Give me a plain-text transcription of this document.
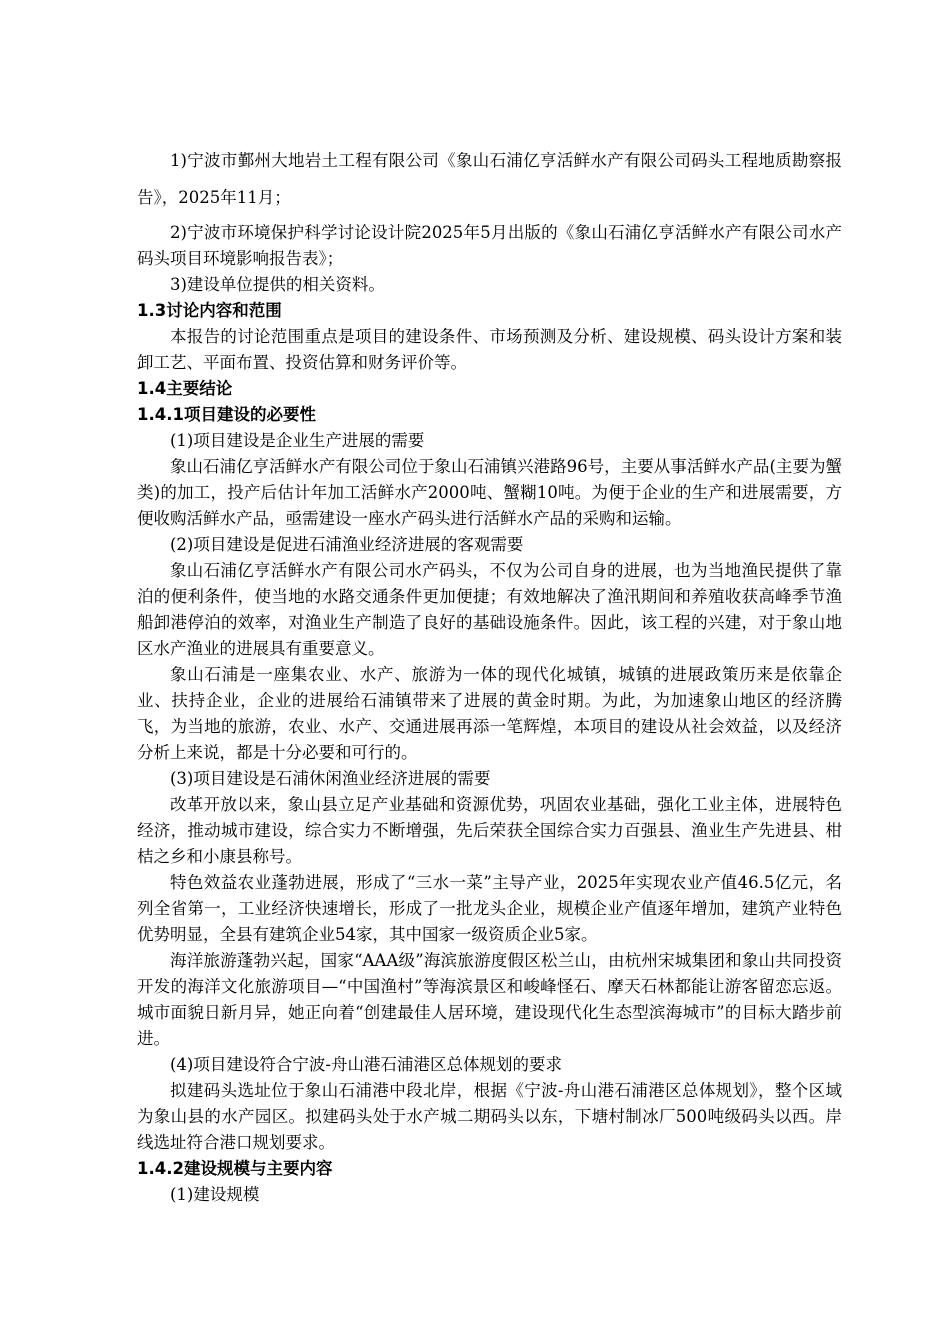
1)宁波市鄞州大地岩土工程有限公司《象山石浦亿亨活鲜水产有限公司码头工程地质勘察报告》，2025年11月；

2)宁波市环境保护科学讨论设计院2025年5月出版的《象山石浦亿亨活鲜水产有限公司水产码头项目环境影响报告表》；

3)建设单位提供的相关资料。

1.3讨论内容和范围

本报告的讨论范围重点是项目的建设条件、市场预测及分析、建设规模、码头设计方案和装卸工艺、平面布置、投资估算和财务评价等。

1.4主要结论

1.4.1项目建设的必要性

(1)项目建设是企业生产进展的需要

象山石浦亿亨活鲜水产有限公司位于象山石浦镇兴港路96号，主要从事活鲜水产品(主要为蟹类)的加工，投产后估计年加工活鲜水产2000吨、蟹糊10吨。为便于企业的生产和进展需要，方便收购活鲜水产品，亟需建设一座水产码头进行活鲜水产品的采购和运输。

(2)项目建设是促进石浦渔业经济进展的客观需要

象山石浦亿亨活鲜水产有限公司水产码头，不仅为公司自身的进展，也为当地渔民提供了靠泊的便利条件，使当地的水路交通条件更加便捷；有效地解决了渔汛期间和养殖收获高峰季节渔船卸港停泊的效率，对渔业生产制造了良好的基础设施条件。因此，该工程的兴建，对于象山地区水产渔业的进展具有重要意义。

象山石浦是一座集农业、水产、旅游为一体的现代化城镇，城镇的进展政策历来是依靠企业、扶持企业，企业的进展给石浦镇带来了进展的黄金时期。为此，为加速象山地区的经济腾飞，为当地的旅游，农业、水产、交通进展再添一笔辉煌，本项目的建设从社会效益，以及经济分析上来说，都是十分必要和可行的。

(3)项目建设是石浦休闲渔业经济进展的需要

改革开放以来，象山县立足产业基础和资源优势，巩固农业基础，强化工业主体，进展特色经济，推动城市建设，综合实力不断增强，先后荣获全国综合实力百强县、渔业生产先进县、柑桔之乡和小康县称号。

特色效益农业蓬勃进展，形成了“三水一菜”主导产业，2025年实现农业产值46.5亿元，名列全省第一，工业经济快速增长，形成了一批龙头企业，规模企业产值逐年增加，建筑产业特色优势明显，全县有建筑企业54家，其中国家一级资质企业5家。

海洋旅游蓬勃兴起，国家“AAA级”海滨旅游度假区松兰山，由杭州宋城集团和象山共同投资开发的海洋文化旅游项目—“中国渔村”等海滨景区和峻峰怪石、摩天石林都能让游客留恋忘返。城市面貌日新月异，她正向着“创建最佳人居环境，建设现代化生态型滨海城市”的目标大踏步前进。

(4)项目建设符合宁波-舟山港石浦港区总体规划的要求

拟建码头选址位于象山石浦港中段北岸，根据《宁波-舟山港石浦港区总体规划》，整个区域为象山县的水产园区。拟建码头处于水产城二期码头以东，下塘村制冰厂500吨级码头以西。岸线选址符合港口规划要求。

1.4.2建设规模与主要内容

(1)建设规模
